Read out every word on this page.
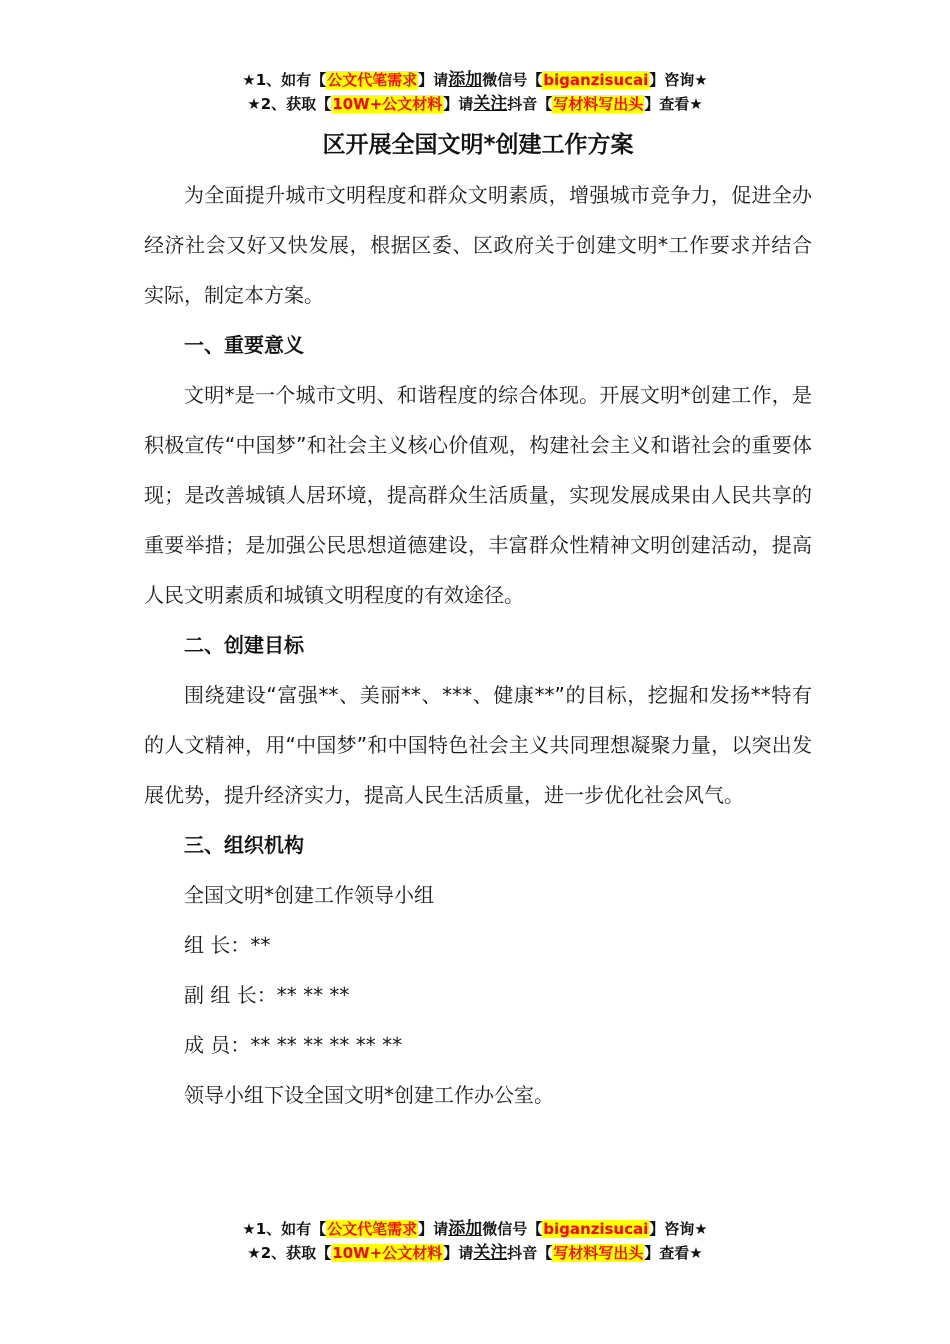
★1、如有【公文代笔需求】请添加微信号【biganzisucai】咨询★
★2、获取【10W+公文材料】请关注抖音【写材料写出头】查看★
区开展全国文明*创建工作方案

为全面提升城市文明程度和群众文明素质，增强城市竞争力，促进全办经济社会又好又快发展，根据区委、区政府关于创建文明*工作要求并结合实际，制定本方案。

一、重要意义

文明*是一个城市文明、和谐程度的综合体现。开展文明*创建工作，是积极宣传“中国梦”和社会主义核心价值观，构建社会主义和谐社会的重要体现；是改善城镇人居环境，提高群众生活质量，实现发展成果由人民共享的重要举措；是加强公民思想道德建设，丰富群众性精神文明创建活动，提高人民文明素质和城镇文明程度的有效途径。

二、创建目标

围绕建设“富强**、美丽**、***、健康**”的目标，挖掘和发扬**特有的人文精神，用“中国梦”和中国特色社会主义共同理想凝聚力量，以突出发展优势，提升经济实力，提高人民生活质量，进一步优化社会风气。

三、组织机构

全国文明*创建工作领导小组

组 长：**

副 组 长：** ** **

成 员：** ** ** ** ** **

领导小组下设全国文明*创建工作办公室。

★1、如有【公文代笔需求】请添加微信号【biganzisucai】咨询★
★2、获取【10W+公文材料】请关注抖音【写材料写出头】查看★
